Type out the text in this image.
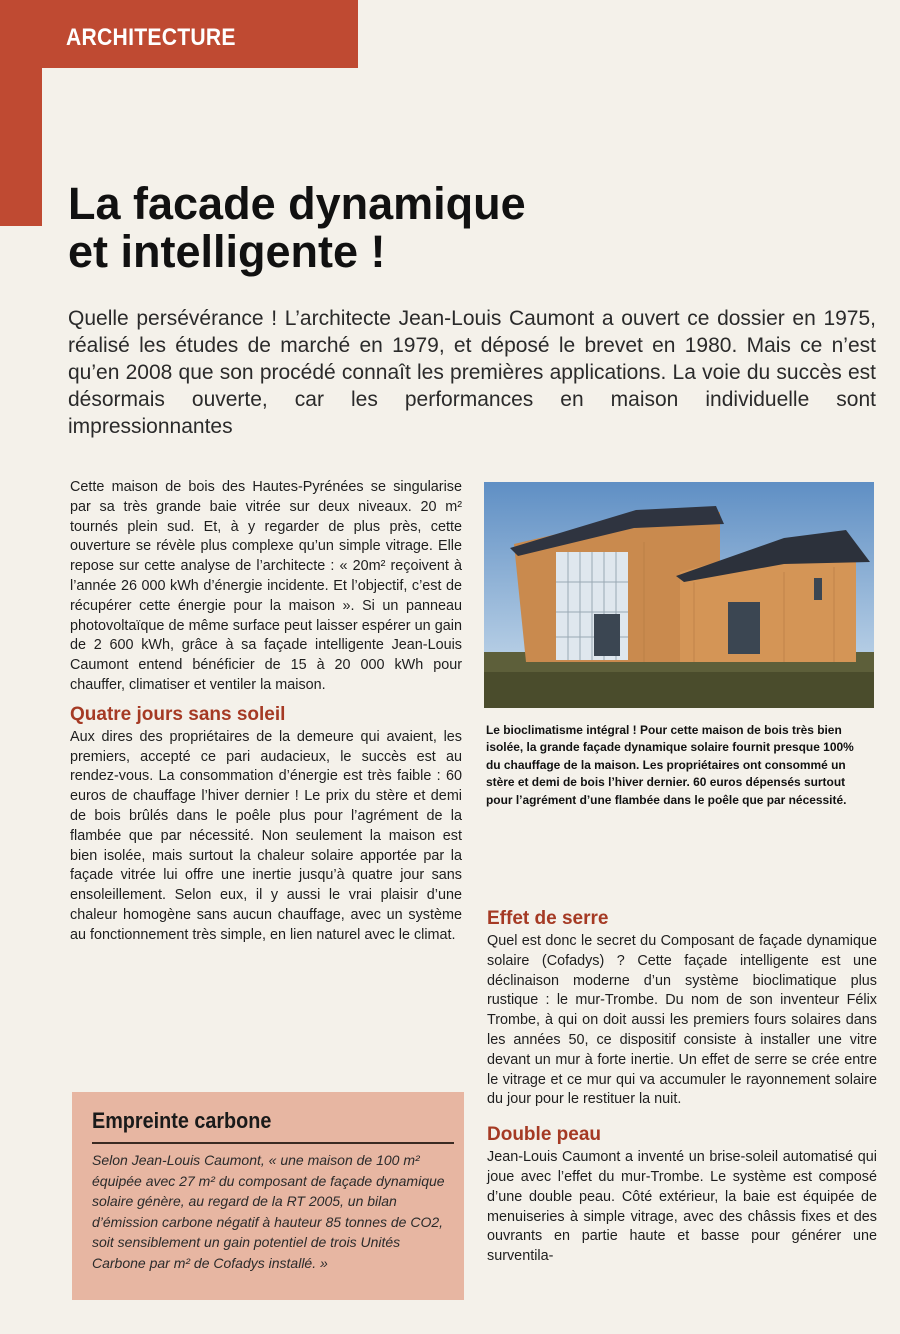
ARCHITECTURE
La facade dynamique
et intelligente !

Quelle persévérance ! L’architecte Jean-Louis Caumont a ouvert ce dossier en 1975, réalisé les études de marché en 1979, et déposé le brevet en 1980. Mais ce n’est qu’en 2008 que son procédé connaît les premières applications. La voie du succès est désormais ouverte, car les performances en maison individuelle sont impressionnantes

Cette maison de bois des Hautes-Pyrénées se singularise par sa très grande baie vitrée sur deux niveaux. 20 m² tournés plein sud. Et, à y regarder de plus près, cette ouverture se révèle plus complexe qu’un simple vitrage. Elle repose sur cette analyse de l’architecte : « 20m² reçoivent à l’année 26 000 kWh d’énergie incidente. Et l’objectif, c’est de récupérer cette énergie pour la maison ». Si un panneau photovoltaïque de même surface peut laisser espérer un gain de 2 600 kWh, grâce à sa façade intelligente Jean-Louis Caumont entend bénéficier de 15 à 20 000 kWh pour chauffer, climatiser et ventiler la maison.

Quatre jours sans soleil

Aux dires des propriétaires de la demeure qui avaient, les premiers, accepté ce pari audacieux, le succès est au rendez-vous. La consommation d’énergie est très faible : 60 euros de chauffage l’hiver dernier ! Le prix du stère et demi de bois brûlés dans le poêle plus pour l’agrément de la flambée que par nécessité. Non seulement la maison est bien isolée, mais surtout la chaleur solaire apportée par la façade vitrée lui offre une inertie jusqu’à quatre jour sans ensoleillement. Selon eux, il y aussi le vrai plaisir d’une chaleur homogène sans aucun chauffage, avec un système au fonctionnement très simple, en lien naturel avec le climat.

Le bioclimatisme intégral ! Pour cette maison de bois très bien isolée, la grande façade dynamique solaire fournit presque 100% du chauffage de la maison. Les propriétaires ont consommé un stère et demi de bois l’hiver dernier. 60 euros dépensés surtout pour l’agrément d’une flambée dans le poêle que par nécessité.

Effet de serre

Quel est donc le secret du Composant de façade dynamique solaire (Cofadys) ? Cette façade intelligente est une déclinaison moderne d’un système bioclimatique plus rustique : le mur-Trombe. Du nom de son inventeur Félix Trombe, à qui on doit aussi les premiers fours solaires dans les années 50, ce dispositif consiste à installer une vitre devant un mur à forte inertie. Un effet de serre se crée entre le vitrage et ce mur qui va accumuler le rayonnement solaire du jour pour le restituer la nuit.

Double peau

Jean-Louis Caumont a inventé un brise-soleil automatisé qui joue avec l’effet du mur-Trombe. Le système est composé d’une double peau. Côté extérieur, la baie est équipée de menuiseries à simple vitrage, avec des châssis fixes et des ouvrants en partie haute et basse pour générer une surventila-

Empreinte carbone

Selon Jean-Louis Caumont, « une maison de 100 m² équipée avec 27 m² du composant de façade dynamique solaire génère, au regard de la RT 2005, un bilan d’émission carbone négatif à hauteur 85 tonnes de CO2, soit sensiblement un gain potentiel de trois Unités Carbone par m² de Cofadys installé. »
